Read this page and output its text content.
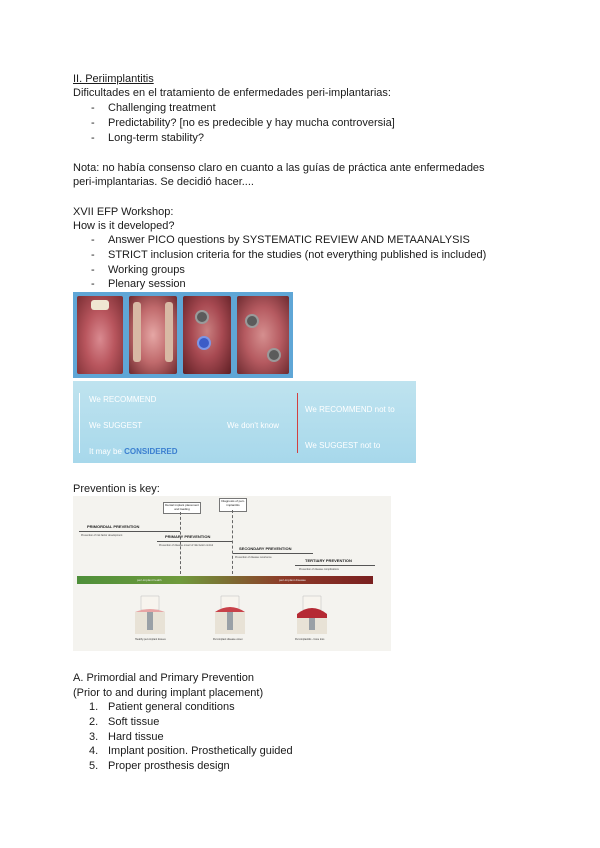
II. Periimplantitis
Dificultades en el tratamiento de enfermedades peri-implantarias:
- Challenging treatment
- Predictability? [no es predecible y hay mucha controversia]
- Long-term stability?
Nota: no había consenso claro en cuanto a las guías de práctica ante enfermedades
peri-implantarias. Se decidió hacer....
XVII EFP Workshop:
How is it developed?
- Answer PICO questions by SYSTEMATIC REVIEW AND METAANALYSIS
- STRICT inclusion criteria for the studies (not everything published is included)
- Working groups
- Plenary session
We RECOMMEND
We SUGGEST
It may be CONSIDERED
We don't know
We RECOMMEND not to
We SUGGEST not to
Prevention is key:
Dental implant placement and loading
Diagnosis of peri-implantitis
PRIMORDIAL PREVENTION
Prevention of risk factor development	PRIMARY PREVENTION
Prevention of disease onset/ of risk factor control
SECONDARY PREVENTION
Prevention of disease recurrence
TERTIARY PREVENTION
Prevention of disease complications
peri-implant health	peri-implant disease
Healthy peri-implant tissues	Peri-implant disease onset	Peri-implantitis - bone loss
A. Primordial and Primary Prevention
(Prior to and during implant placement)
1. Patient general conditions
2. Soft tissue
3. Hard tissue
4. Implant position. Prosthetically guided
5. Proper prosthesis design
